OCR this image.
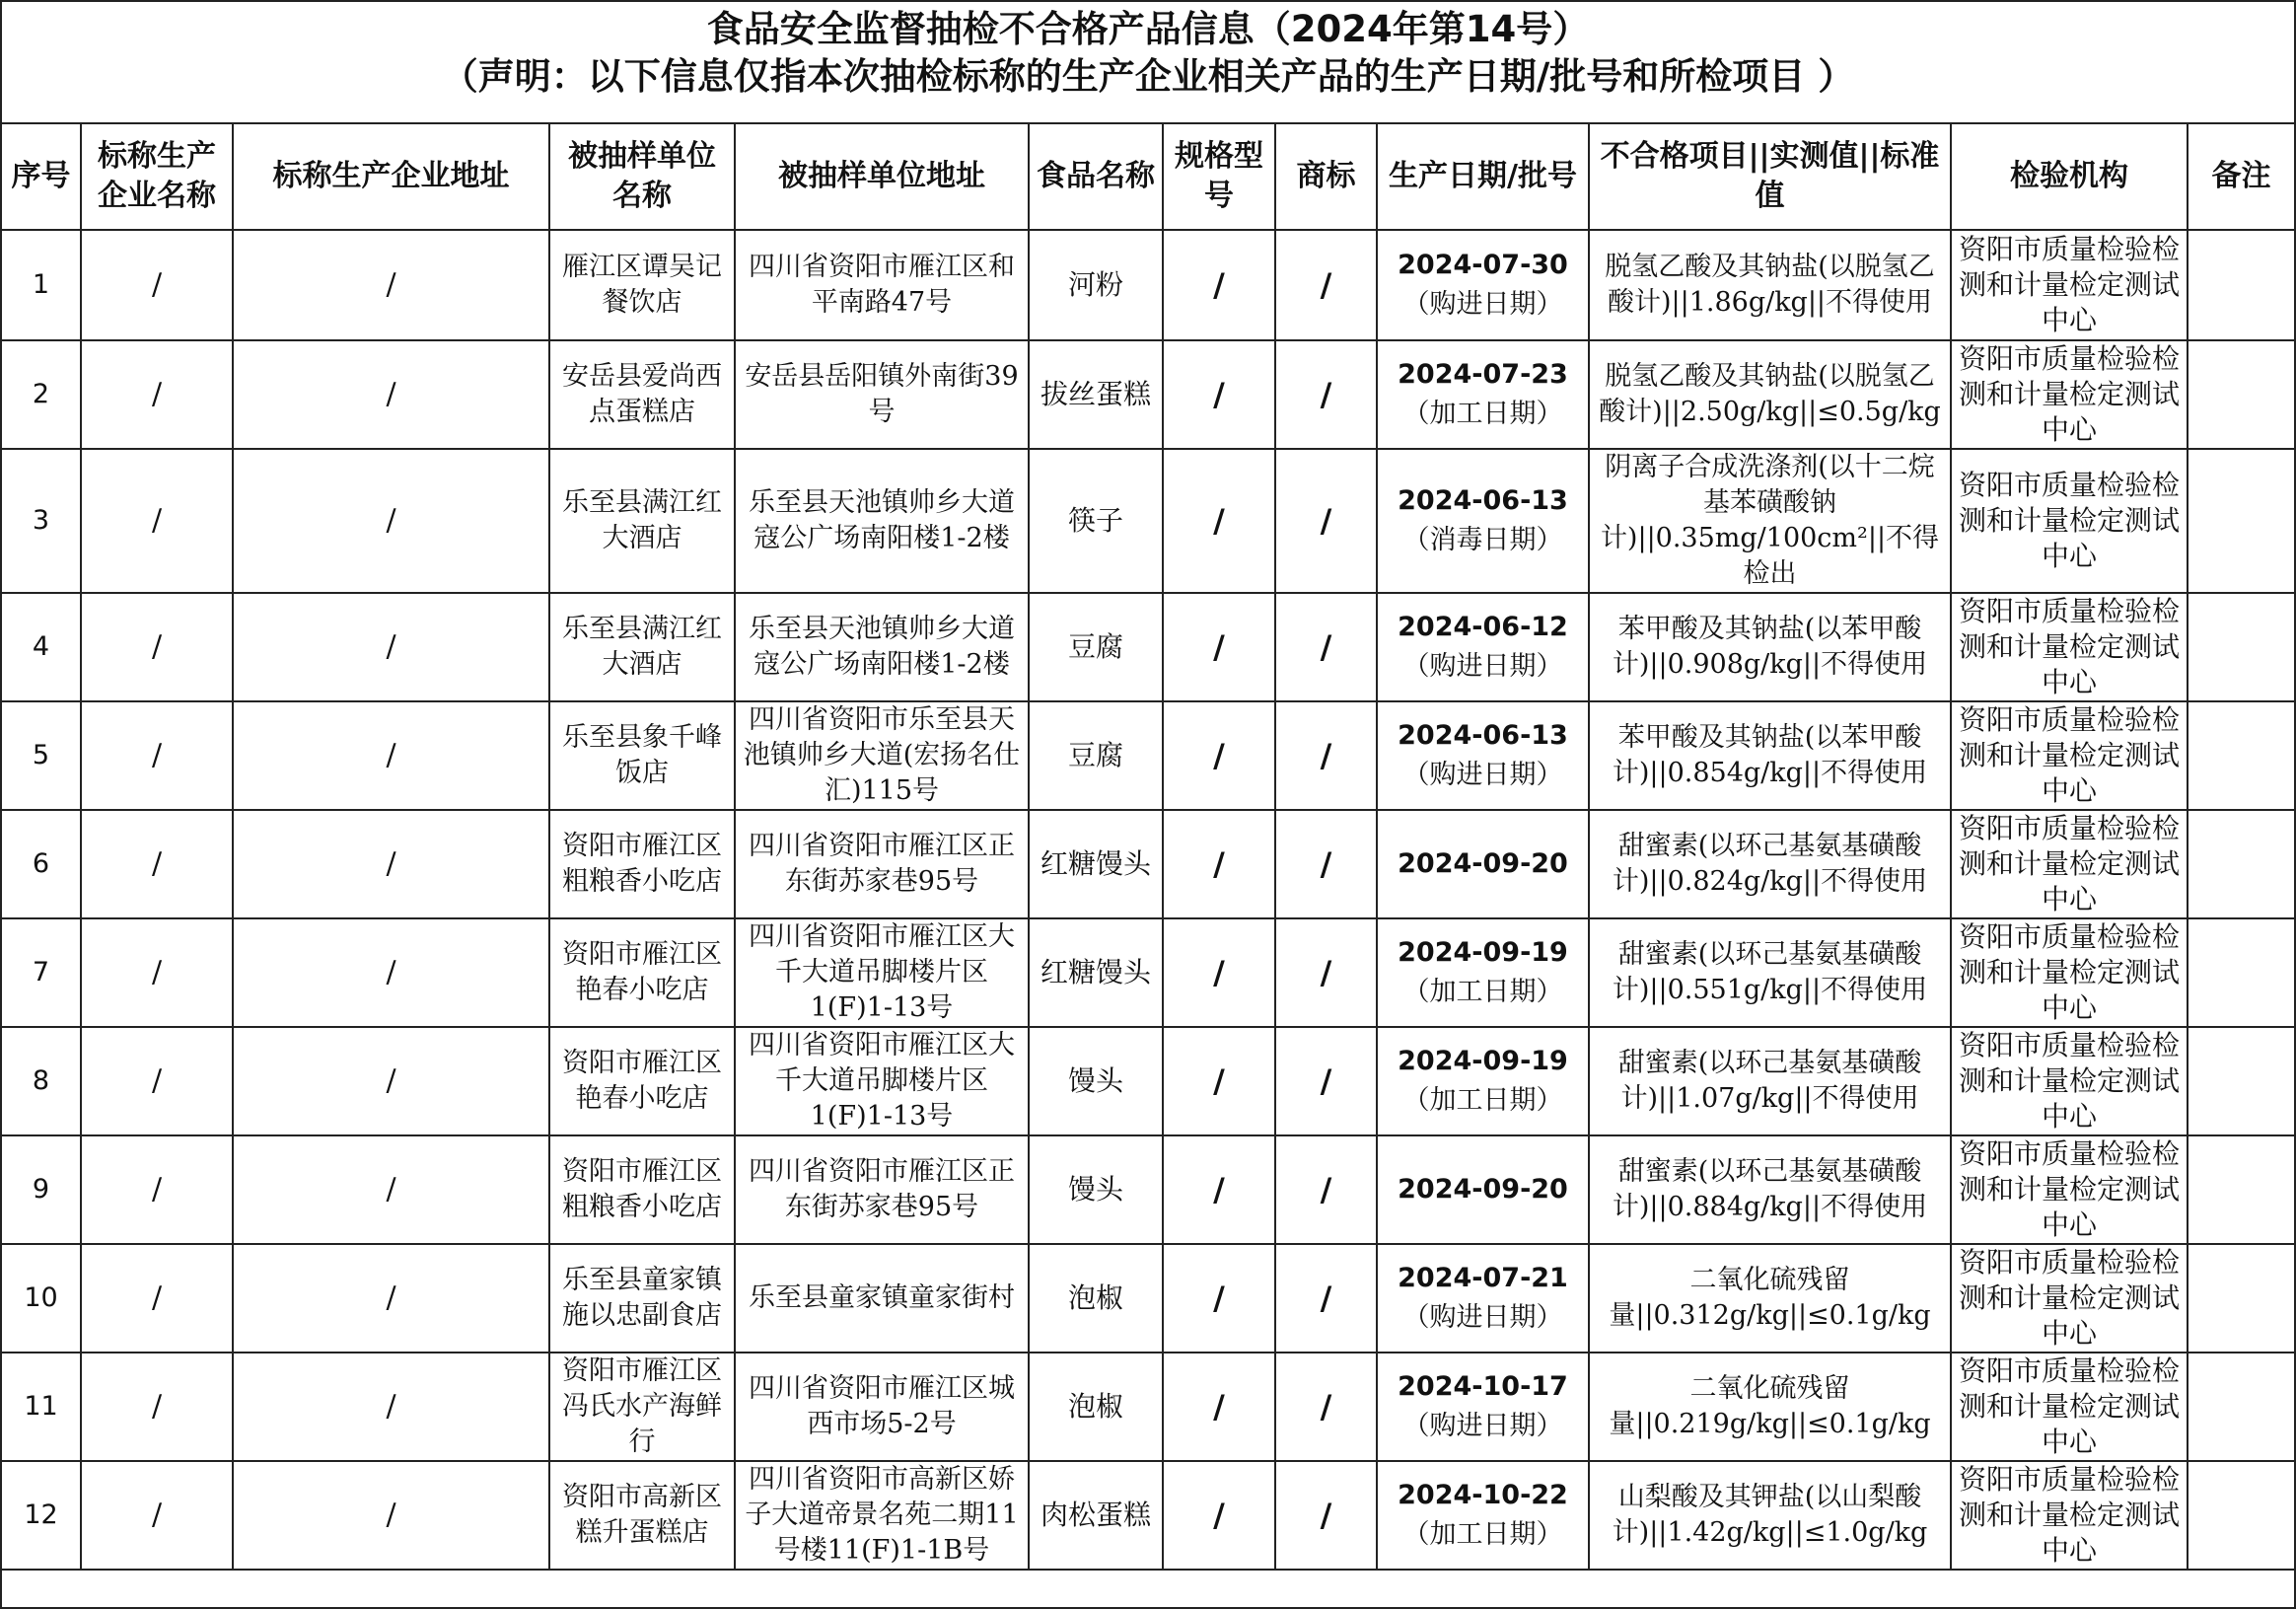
食品安全监督抽检不合格产品信息（2024年第14号）
（声明：以下信息仅指本次抽检标称的生产企业相关产品的生产日期/批号和所检项目 ）
序号	标称生产企业名称	标称生产企业地址	被抽样单位名称	被抽样单位地址	食品名称	规格型号	商标	生产日期/批号	不合格项目||实测值||标准值	检验机构	备注
1	/	/	雁江区谭吴记餐饮店	四川省资阳市雁江区和平南路47号	河粉	/	/	2024-07-30
（购进日期）	脱氢乙酸及其钠盐(以脱氢乙酸计)||1.86g/kg||不得使用	资阳市质量检验检测和计量检定测试中心	
2	/	/	安岳县爱尚西点蛋糕店	安岳县岳阳镇外南街39号	拔丝蛋糕	/	/	2024-07-23
（加工日期）	脱氢乙酸及其钠盐(以脱氢乙酸计)||2.50g/kg||≤0.5g/kg	资阳市质量检验检测和计量检定测试中心	
3	/	/	乐至县满江红大酒店	乐至县天池镇帅乡大道寇公广场南阳楼1-2楼	筷子	/	/	2024-06-13
（消毒日期）	阴离子合成洗涤剂(以十二烷基苯磺酸钠计)||0.35mg/100cm²||不得检出	资阳市质量检验检测和计量检定测试中心	
4	/	/	乐至县满江红大酒店	乐至县天池镇帅乡大道寇公广场南阳楼1-2楼	豆腐	/	/	2024-06-12
（购进日期）	苯甲酸及其钠盐(以苯甲酸计)||0.908g/kg||不得使用	资阳市质量检验检测和计量检定测试中心	
5	/	/	乐至县象千峰饭店	四川省资阳市乐至县天池镇帅乡大道(宏扬名仕汇)115号	豆腐	/	/	2024-06-13
（购进日期）	苯甲酸及其钠盐(以苯甲酸计)||0.854g/kg||不得使用	资阳市质量检验检测和计量检定测试中心	
6	/	/	资阳市雁江区粗粮香小吃店	四川省资阳市雁江区正东街苏家巷95号	红糖馒头	/	/	2024-09-20	甜蜜素(以环己基氨基磺酸计)||0.824g/kg||不得使用	资阳市质量检验检测和计量检定测试中心	
7	/	/	资阳市雁江区艳春小吃店	四川省资阳市雁江区大千大道吊脚楼片区1(F)1-13号	红糖馒头	/	/	2024-09-19
（加工日期）	甜蜜素(以环己基氨基磺酸计)||0.551g/kg||不得使用	资阳市质量检验检测和计量检定测试中心	
8	/	/	资阳市雁江区艳春小吃店	四川省资阳市雁江区大千大道吊脚楼片区1(F)1-13号	馒头	/	/	2024-09-19
（加工日期）	甜蜜素(以环己基氨基磺酸计)||1.07g/kg||不得使用	资阳市质量检验检测和计量检定测试中心	
9	/	/	资阳市雁江区粗粮香小吃店	四川省资阳市雁江区正东街苏家巷95号	馒头	/	/	2024-09-20	甜蜜素(以环己基氨基磺酸计)||0.884g/kg||不得使用	资阳市质量检验检测和计量检定测试中心	
10	/	/	乐至县童家镇施以忠副食店	乐至县童家镇童家街村	泡椒	/	/	2024-07-21
（购进日期）	二氧化硫残留量||0.312g/kg||≤0.1g/kg	资阳市质量检验检测和计量检定测试中心	
11	/	/	资阳市雁江区冯氏水产海鲜行	四川省资阳市雁江区城西市场5-2号	泡椒	/	/	2024-10-17
（购进日期）	二氧化硫残留量||0.219g/kg||≤0.1g/kg	资阳市质量检验检测和计量检定测试中心	
12	/	/	资阳市高新区糕升蛋糕店	四川省资阳市高新区娇子大道帝景名苑二期11号楼11(F)1-1B号	肉松蛋糕	/	/	2024-10-22
（加工日期）	山梨酸及其钾盐(以山梨酸计)||1.42g/kg||≤1.0g/kg	资阳市质量检验检测和计量检定测试中心	
